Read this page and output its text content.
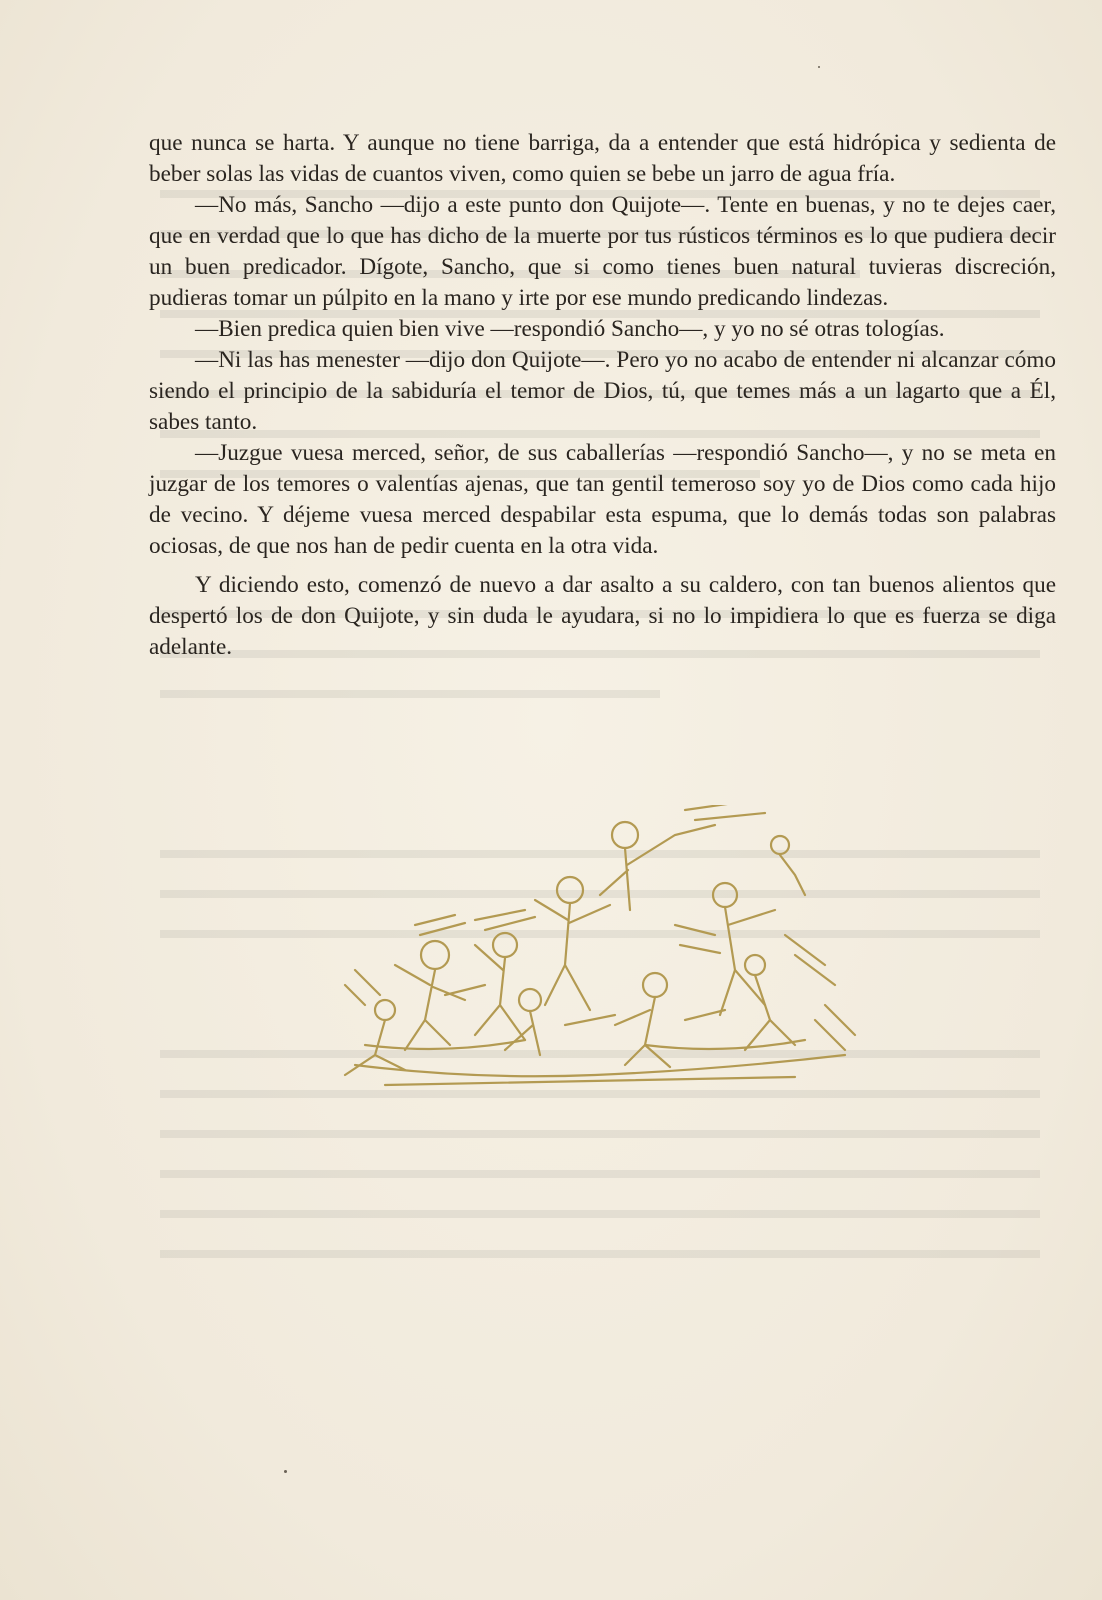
que nunca se harta. Y aunque no tiene barriga, da a entender que está hidrópica y sedienta de beber solas las vidas de cuantos viven, como quien se bebe un jarro de agua fría.

—No más, Sancho —dijo a este punto don Quijote—. Tente en buenas, y no te dejes caer, que en verdad que lo que has dicho de la muerte por tus rústicos términos es lo que pudiera decir un buen predicador. Dígote, Sancho, que si como tienes buen natural tuvieras discreción, pudieras tomar un púlpito en la mano y irte por ese mundo predicando lindezas.

—Bien predica quien bien vive —respondió Sancho—, y yo no sé otras tologías.

—Ni las has menester —dijo don Quijote—. Pero yo no acabo de entender ni alcanzar cómo siendo el principio de la sabiduría el temor de Dios, tú, que temes más a un lagarto que a Él, sabes tanto.

—Juzgue vuesa merced, señor, de sus caballerías —respondió Sancho—, y no se meta en juzgar de los temores o valentías ajenas, que tan gentil temeroso soy yo de Dios como cada hijo de vecino. Y déjeme vuesa merced despabilar esta espuma, que lo demás todas son palabras ociosas, de que nos han de pedir cuenta en la otra vida.

Y diciendo esto, comenzó de nuevo a dar asalto a su caldero, con tan buenos alientos que despertó los de don Quijote, y sin duda le ayudara, si no lo impidiera lo que es fuerza se diga adelante.
